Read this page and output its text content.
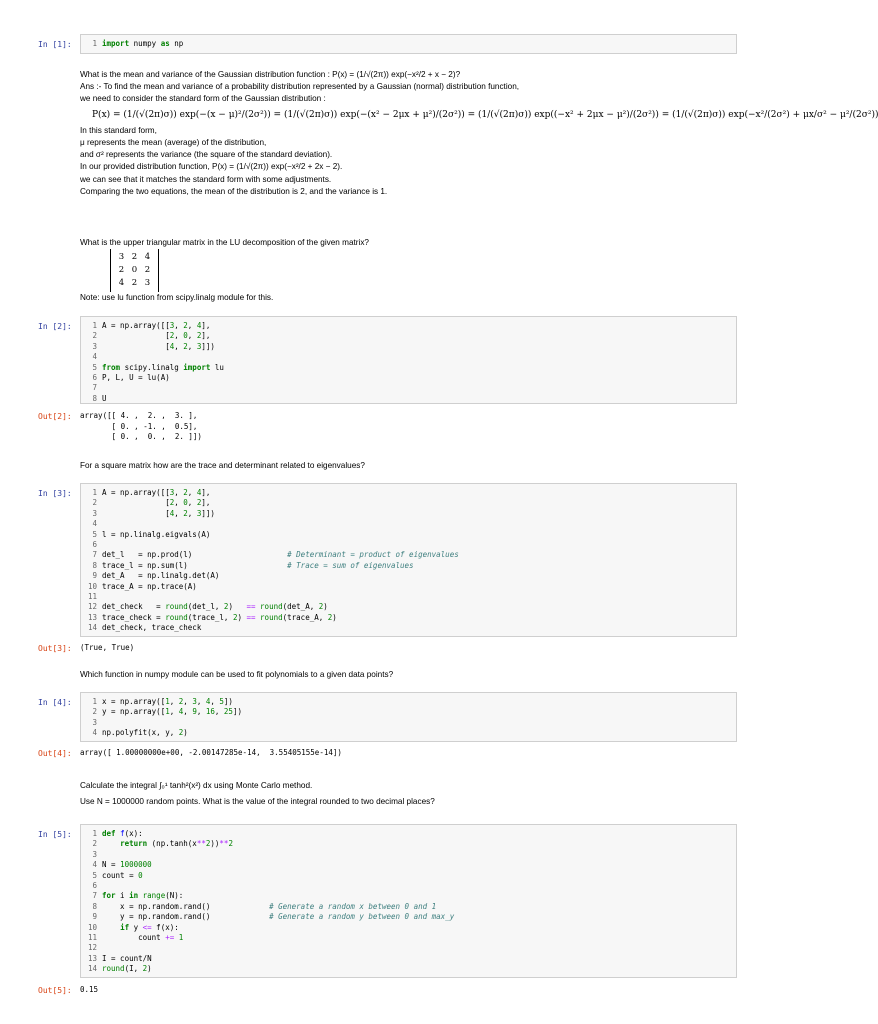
In [1]:	1 import numpy as np

What is the mean and variance of the Gaussian distribution function : P(x) = (1/√(2π)) exp(−x²/2 + x − 2)?

Ans :- To find the mean and variance of a probability distribution represented by a Gaussian (normal) distribution function,

we need to consider the standard form of the Gaussian distribution :

P(x) = (1/(√(2π)σ)) exp(−(x − μ)²/(2σ²)) = (1/(√(2π)σ)) exp(−(x² − 2μx + μ²)/(2σ²)) = (1/(√(2π)σ)) exp((−x² + 2μx − μ²)/(2σ²)) = (1/(√(2π)σ)) exp(−x²/(2σ²) + μx/σ² − μ²/(2σ²))

In this standard form,

μ represents the mean (average) of the distribution,

and σ² represents the variance (the square of the standard deviation).

In our provided distribution function, P(x) = (1/√(2π)) exp(−x²/2 + 2x − 2).

we can see that it matches the standard form with some adjustments.

Comparing the two equations, the mean of the distribution is 2, and the variance is 1.

What is the upper triangular matrix in the LU decomposition of the given matrix?

3 2 4
2 0 2
4 2 3

Note: use lu function from scipy.linalg module for this.

In [2]:	1 A = np.array([[3, 2, 4],
2              [2, 0, 2],
3              [4, 2, 3]])
4
5 from scipy.linalg import lu
6 P, L, U = lu(A)
7
8 U
Out[2]: array([[ 4. ,  2. ,  3. ],
[ 0. , -1. ,  0.5],
[ 0. ,  0. ,  2. ]])

For a square matrix how are the trace and determinant related to eigenvalues?

In [3]:	1 A = np.array([[3, 2, 4],
2              [2, 0, 2],
3              [4, 2, 3]])
4
5 l = np.linalg.eigvals(A)
6
7 det_l   = np.prod(l)                     # Determinant = product of eigenvalues
8 trace_l = np.sum(l)                      # Trace = sum of eigenvalues
9 det_A   = np.linalg.det(A)
10 trace_A = np.trace(A)
11
12 det_check   = round(det_l, 2)   == round(det_A, 2)
13 trace_check = round(trace_l, 2) == round(trace_A, 2)
14 det_check, trace_check
Out[3]: (True, True)

Which function in numpy module can be used to fit polynomials to a given data points?

In [4]:	1 x = np.array([1, 2, 3, 4, 5])
2 y = np.array([1, 4, 9, 16, 25])
3
4 np.polyfit(x, y, 2)
Out[4]: array([ 1.00000000e+00, -2.00147285e-14,  3.55405155e-14])

Calculate the integral ∫₀¹ tanh²(x²) dx using Monte Carlo method.

Use N = 1000000 random points. What is the value of the integral rounded to two decimal places?

In [5]:	1 def f(x):
2	return (np.tanh(x**2))**2
3
4 N = 1000000
5 count = 0
6
7 for i in range(N):
8    x = np.random.rand()             # Generate a random x between 0 and 1
9    y = np.random.rand()             # Generate a random y between 0 and max_y
10	if y <= f(x):
11        count += 1
12
13 I = count/N
14 round(I, 2)
Out[5]: 0.15
